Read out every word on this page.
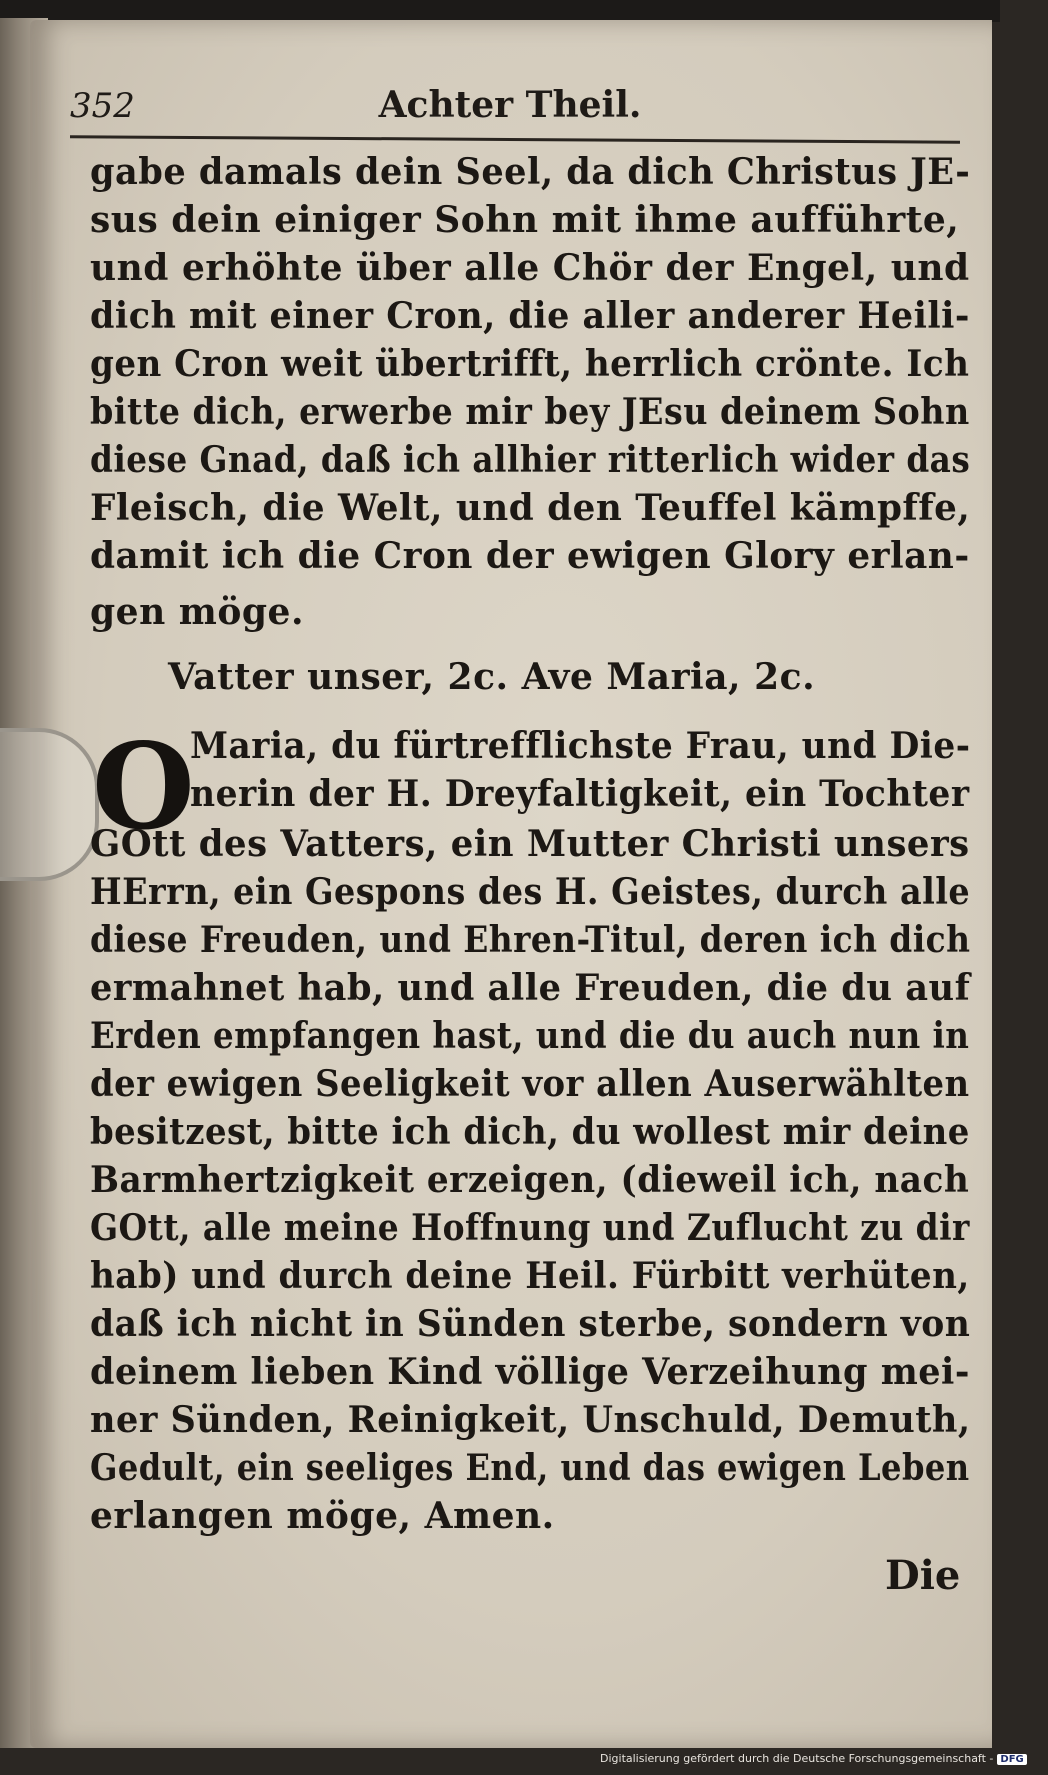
352	Achter Theil.
gabe damals dein Seel, da dich Christus JE-
sus dein einiger Sohn mit ihme aufführte,
und erhöhte über alle Chör der Engel, und
dich mit einer Cron, die aller anderer Heili-
gen Cron weit übertrifft, herrlich crönte. Ich
bitte dich, erwerbe mir bey JEsu deinem Sohn
diese Gnad, daß ich allhier ritterlich wider das
Fleisch, die Welt, und den Teuffel kämpffe,
damit ich die Cron der ewigen Glory erlan-
gen möge.
Vatter unser, 2c. Ave Maria, 2c.
O
Maria, du fürtrefflichste Frau, und Die-
nerin der H. Dreyfaltigkeit, ein Tochter
GOtt des Vatters, ein Mutter Christi unsers
HErrn, ein Gespons des H. Geistes, durch alle
diese Freuden, und Ehren-Titul, deren ich dich
ermahnet hab, und alle Freuden, die du auf
Erden empfangen hast, und die du auch nun in
der ewigen Seeligkeit vor allen Auserwählten
besitzest, bitte ich dich, du wollest mir deine
Barmhertzigkeit erzeigen, (dieweil ich, nach
GOtt, alle meine Hoffnung und Zuflucht zu dir
hab) und durch deine Heil. Fürbitt verhüten,
daß ich nicht in Sünden sterbe, sondern von
deinem lieben Kind völlige Verzeihung mei-
ner Sünden, Reinigkeit, Unschuld, Demuth,
Gedult, ein seeliges End, und das ewigen Leben
erlangen möge, Amen.
Die
Digitalisierung gefördert durch die Deutsche Forschungsgemeinschaft - DFG
